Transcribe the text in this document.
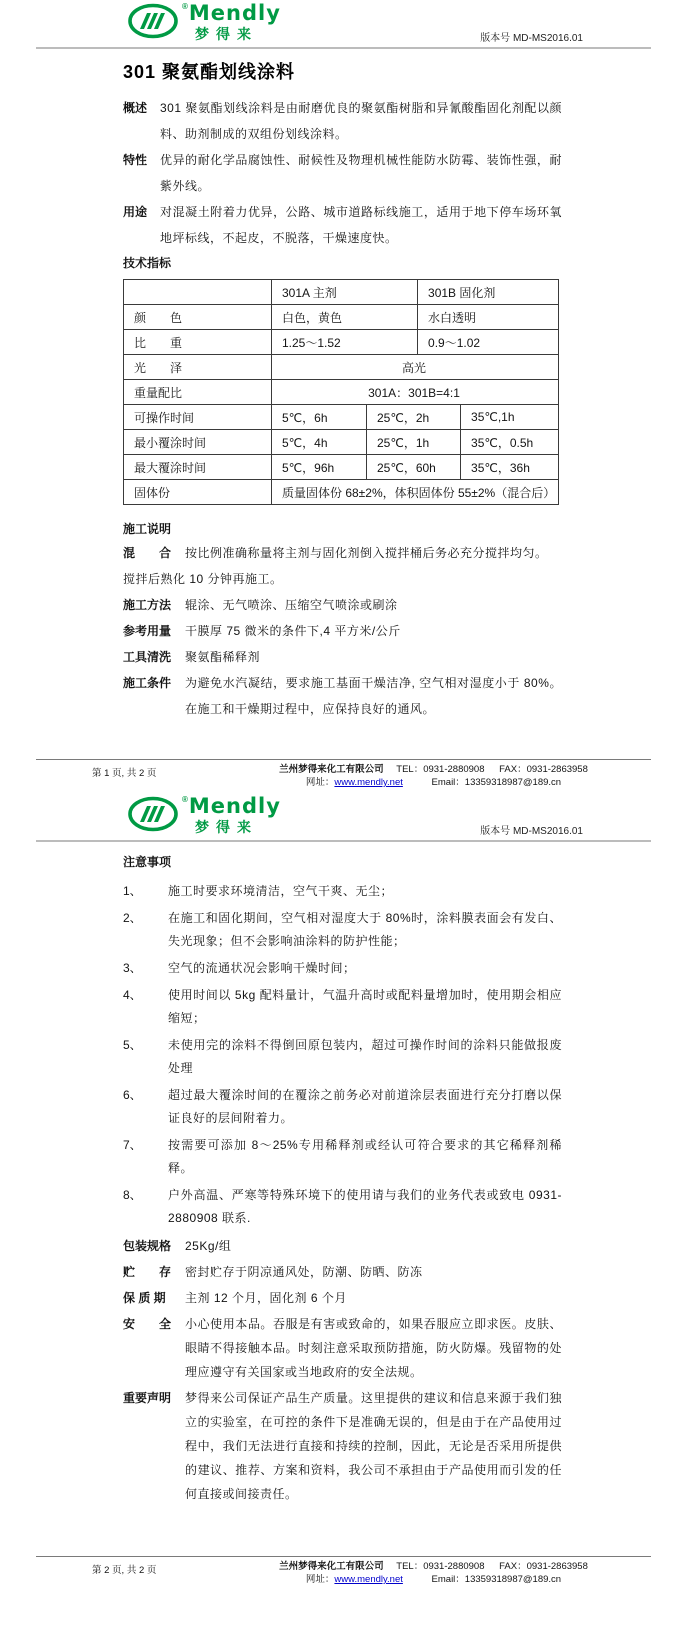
® Mendly
梦得来	版本号 MD-MS2016.01
301 聚氨酯划线涂料
概述	301 聚氨酯划线涂料是由耐磨优良的聚氨酯树脂和异氰酸酯固化剂配以颜料、助剂制成的双组份划线涂料。
特性	优异的耐化学品腐蚀性、耐候性及物理机械性能防水防霉、装饰性强，耐紫外线。
用途	对混凝土附着力优异，公路、城市道路标线施工，适用于地下停车场环氧地坪标线，不起皮，不脱落，干燥速度快。
技术指标
	301A 主剂		301B 固化剂	
颜　　色	白色，黄色		水白透明	
比　　重	1.25～1.52		0.9～1.02	
光　　泽	高光			
重量配比	301A：301B=4:1			
可操作时间	5℃，6h	25℃，2h		35℃,1h
最小覆涂时间	5℃，4h	25℃，1h		35℃，0.5h
最大覆涂时间	5℃，96h	25℃，60h		35℃，36h
固体份	质量固体份 68±2%，体积固体份 55±2%（混合后）			
施工说明
混　　合	按比例准确称量将主剂与固化剂倒入搅拌桶后务必充分搅拌均匀。
搅拌后熟化 10 分钟再施工。
施工方法	辊涂、无气喷涂、压缩空气喷涂或刷涂
参考用量	干膜厚 75 微米的条件下,4 平方米/公斤
工具清洗	聚氨酯稀释剂
施工条件	为避免水汽凝结，要求施工基面干燥洁净, 空气相对湿度小于 80%。在施工和干燥期过程中，应保持良好的通风。
第 1 页, 共 2 页	兰州梦得来化工有限公司 TEL：0931-2880908 FAX：0931-2863958
网址：www.mendly.net	Email：13359318987@189.cn
® Mendly
梦得来	版本号 MD-MS2016.01
注意事项
1、	施工时要求环境清洁，空气干爽、无尘；
2、	在施工和固化期间，空气相对湿度大于 80%时，涂料膜表面会有发白、失光现象；但不会影响油涂料的防护性能；
3、	空气的流通状况会影响干燥时间；
4、	使用时间以 5kg 配料量计，气温升高时或配料量增加时，使用期会相应缩短；
5、	未使用完的涂料不得倒回原包装内，超过可操作时间的涂料只能做报废处理
6、	超过最大覆涂时间的在覆涂之前务必对前道涂层表面进行充分打磨以保证良好的层间附着力。
7、	按需要可添加 8～25%专用稀释剂或经认可符合要求的其它稀释剂稀释。
8、	户外高温、严寒等特殊环境下的使用请与我们的业务代表或致电 0931-2880908 联系.
包装规格	25Kg/组
贮　　存	密封贮存于阴凉通风处，防潮、防晒、防冻
保 质 期	主剂 12 个月，固化剂 6 个月
安　　全	小心使用本品。吞服是有害或致命的，如果吞服应立即求医。皮肤、眼睛不得接触本品。时刻注意采取预防措施，防火防爆。残留物的处理应遵守有关国家或当地政府的安全法规。
重要声明	梦得来公司保证产品生产质量。这里提供的建议和信息来源于我们独立的实验室，在可控的条件下是准确无误的，但是由于在产品使用过程中，我们无法进行直接和持续的控制，因此，无论是否采用所提供的建议、推荐、方案和资料，我公司不承担由于产品使用而引发的任何直接或间接责任。
第 2 页, 共 2 页	兰州梦得来化工有限公司 TEL：0931-2880908 FAX：0931-2863958
网址：www.mendly.net	Email：13359318987@189.cn
